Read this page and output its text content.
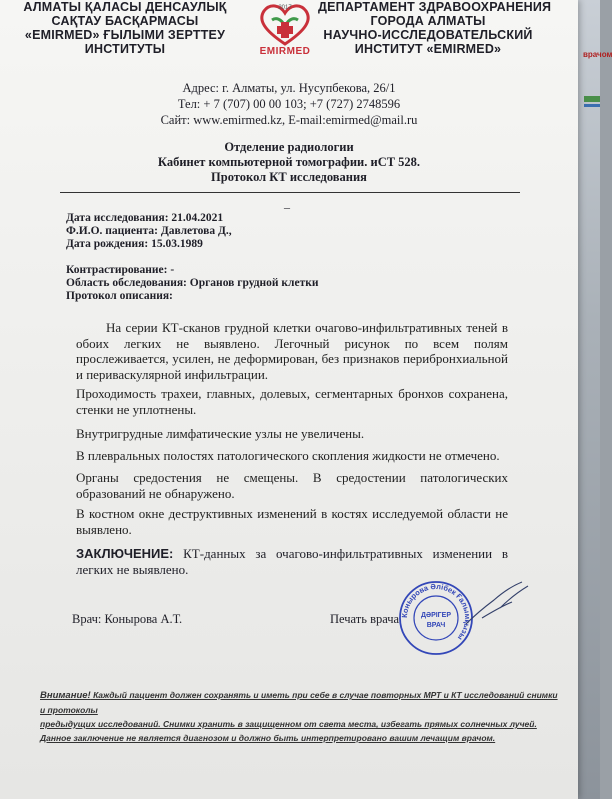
врачом
АЛМАТЫ ҚАЛАСЫ ДЕНСАУЛЫҚ
САҚТАУ БАСҚАРМАСЫ
«EMIRMED» ҒЫЛЫМИ ЗЕРТТЕУ
ИНСТИТУТЫ
2017
EMIRMED
ДЕПАРТАМЕНТ ЗДРАВООХРАНЕНИЯ
ГОРОДА АЛМАТЫ
НАУЧНО-ИССЛЕДОВАТЕЛЬСКИЙ
ИНСТИТУТ «EMIRMED»
Адрес: г. Алматы, ул. Нусупбекова, 26/1
Тел: + 7 (707) 00 00 103; +7 (727) 2748596
Сайт: www.emirmed.kz, E-mail:emirmed@mail.ru
Отделение радиологии
Кабинет компьютерной томографии. иСТ 528.
Протокол КТ исследования
_
Дата исследования: 21.04.2021
Ф.И.О. пациента: Давлетова Д.,
Дата рождения: 15.03.1989
Контрастирование: -
Область обследования: Органов грудной клетки
Протокол описания:
На серии КТ-сканов грудной клетки очагово-инфильтративных теней в обоих легких не выявлено. Легочный рисунок по всем полям прослеживается, усилен, не деформирован, без признаков перибронхиальной и периваскулярной инфильтрации.
Проходимость трахеи, главных, долевых, сегментарных бронхов сохранена, стенки не уплотнены.
Внутригрудные лимфатические узлы не увеличены.
В плевральных полостях патологического скопления жидкости не отмечено.
Органы средостения не смещены. В средостении патологических образований не обнаружено.
В костном окне деструктивных изменений в костях исследуемой области не выявлено.
ЗАКЛЮЧЕНИЕ: КТ-данных за очагово-инфильтративных изменении в легких не выявлено.
Врач: Конырова А.Т.	Печать врача Конырова Әлібек Ғалымқызы
ДӘРІГЕР
ВРАЧ
Внимание! Каждый пациент должен сохранять и иметь при себе в случае повторных МРТ и КТ исследований снимки и протоколы
предыдущих исследований. Снимки хранить в защищенном от света места, избегать прямых солнечных лучей.
Данное заключение не является диагнозом и должно быть интерпретировано вашим лечащим врачом.
